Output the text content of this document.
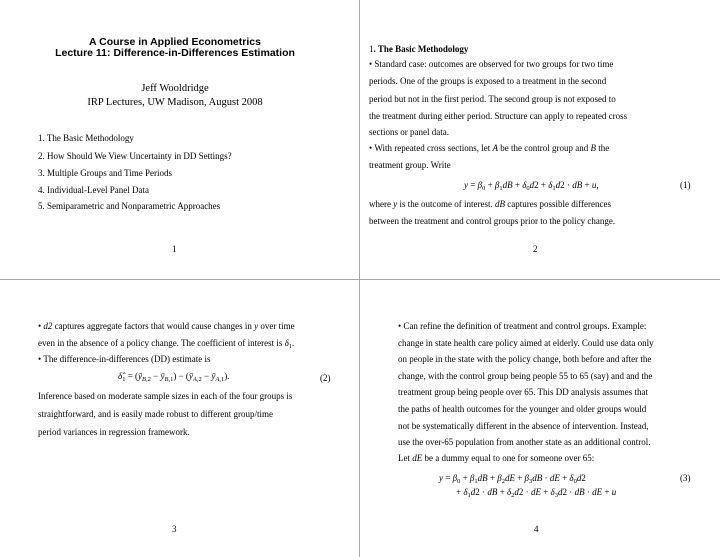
A Course in Applied Econometrics
Lecture 11: Difference-in-Differences Estimation
Jeff Wooldridge
IRP Lectures, UW Madison, August 2008
1. The Basic Methodology
2. How Should We View Uncertainty in DD Settings?
3. Multiple Groups and Time Periods
4. Individual-Level Panel Data
5. Semiparametric and Nonparametric Approaches
1
1. The Basic Methodology
• Standard case: outcomes are observed for two groups for two time
periods. One of the groups is exposed to a treatment in the second
period but not in the first period. The second group is not exposed to
the treatment during either period. Structure can apply to repeated cross
sections or panel data.
• With repeated cross sections, let A be the control group and B the
treatment group. Write
$y = \beta_0 + \beta_1dB + \delta_0d2 + \delta_1d2$ ⋅ dB + u,	(1)
where y is the outcome of interest. dB captures possible differences
between the treatment and control groups prior to the policy change.
2
• d2 captures aggregate factors that would cause changes in y over time
even in the absence of a policy change. The coefficient of interest is $\delta_1$.
• The difference-in-differences (DD) estimate is
$\deltâ_1$ = ($ȳ_{B,2}$ − $ȳ_{B,1}$) − ($ȳ_{A,2}$ − $ȳ_{A,1}$).	(2)
Inference based on moderate sample sizes in each of the four groups is
straightforward, and is easily made robust to different group/time
period variances in regression framework.
3
• Can refine the definition of treatment and control groups. Example:
change in state health care policy aimed at elderly. Could use data only
on people in the state with the policy change, both before and after the
change, with the control group being people 55 to 65 (say) and and the
treatment group being people over 65. This DD analysis assumes that
the paths of health outcomes for the younger and older groups would
not be systematically different in the absence of intervention. Instead,
use the over-65 population from another state as an additional control.
Let dE be a dummy equal to one for someone over 65:
$y = \beta_0 + \beta_1dB + \beta_2dE + \beta_3dB$ ⋅ dE + $\delta_0d2$
+ $\delta_1d2$ ⋅ dB + $\delta_2d2$ ⋅ dE + $\delta_3d2$ ⋅ dB ⋅ dE + u
(3)
4
